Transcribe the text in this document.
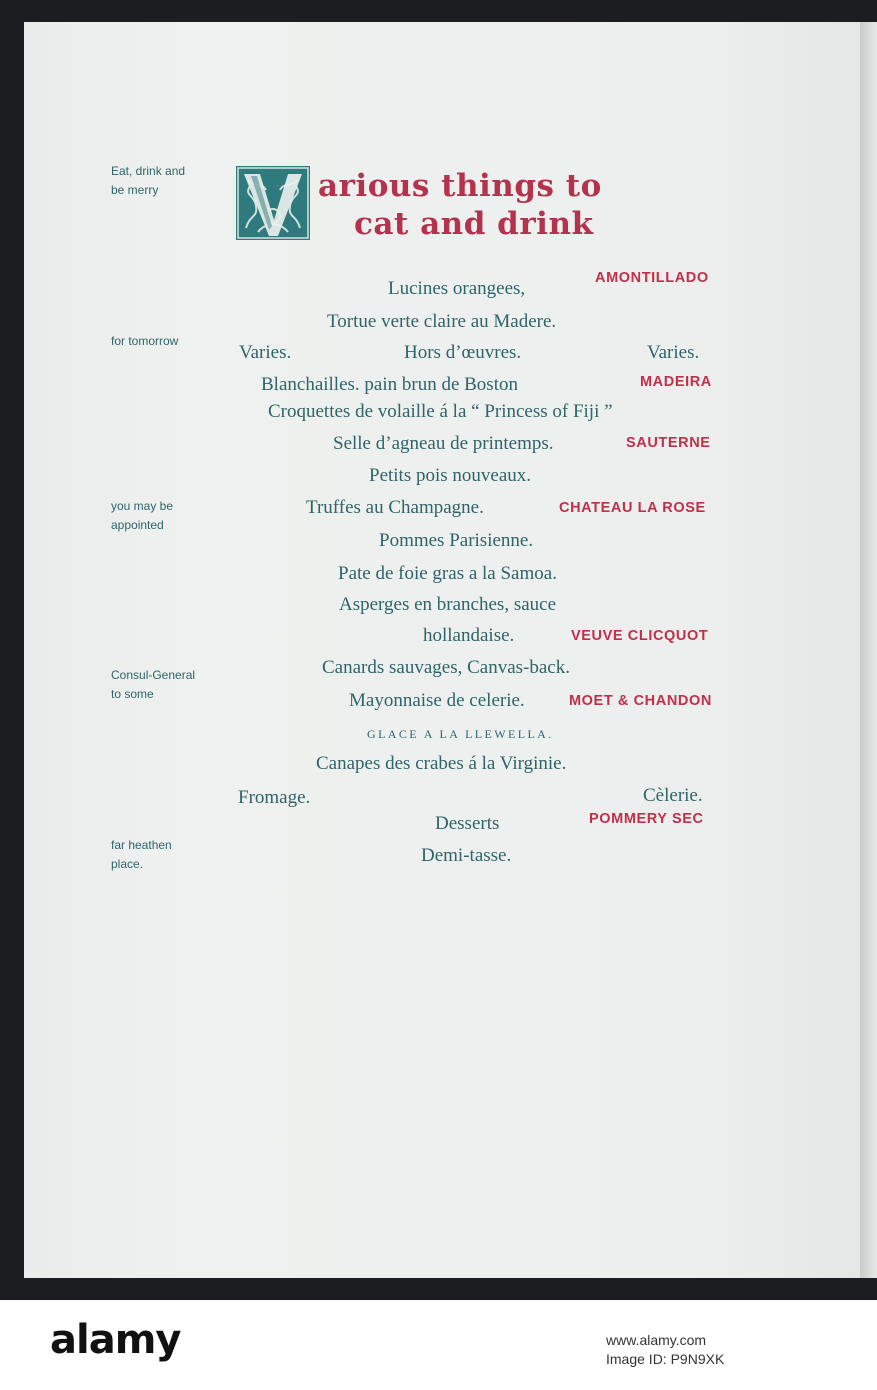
Eat, drink and
be merry
for tomorrow
you may be
appointed
Consul-General
to some
far heathen
place.
arious things to
cat and drink
Lucines orangees,	AMONTILLADO
Tortue verte claire au Madere.
Varies.	Hors d’œuvres.	Varies.
Blanchailles. pain brun de Boston	MADEIRA
Croquettes de volaille á la “ Princess of Fiji ”
Selle d’agneau de printemps.	SAUTERNE
Petits pois nouveaux.
Truffes au Champagne.	CHATEAU LA ROSE
Pommes Parisienne.
Pate de foie gras a la Samoa.
Asperges en branches, sauce
hollandaise.	VEUVE CLICQUOT
Canards sauvages, Canvas-back.
Mayonnaise de celerie.	MOET & CHANDON
GLACE A LA LLEWELLA.
Canapes des crabes á la Virginie.
Fromage.	Cèlerie.
Desserts	POMMERY SEC
Demi-tasse.
alamy	www.alamy.com
Image ID: P9N9XK
